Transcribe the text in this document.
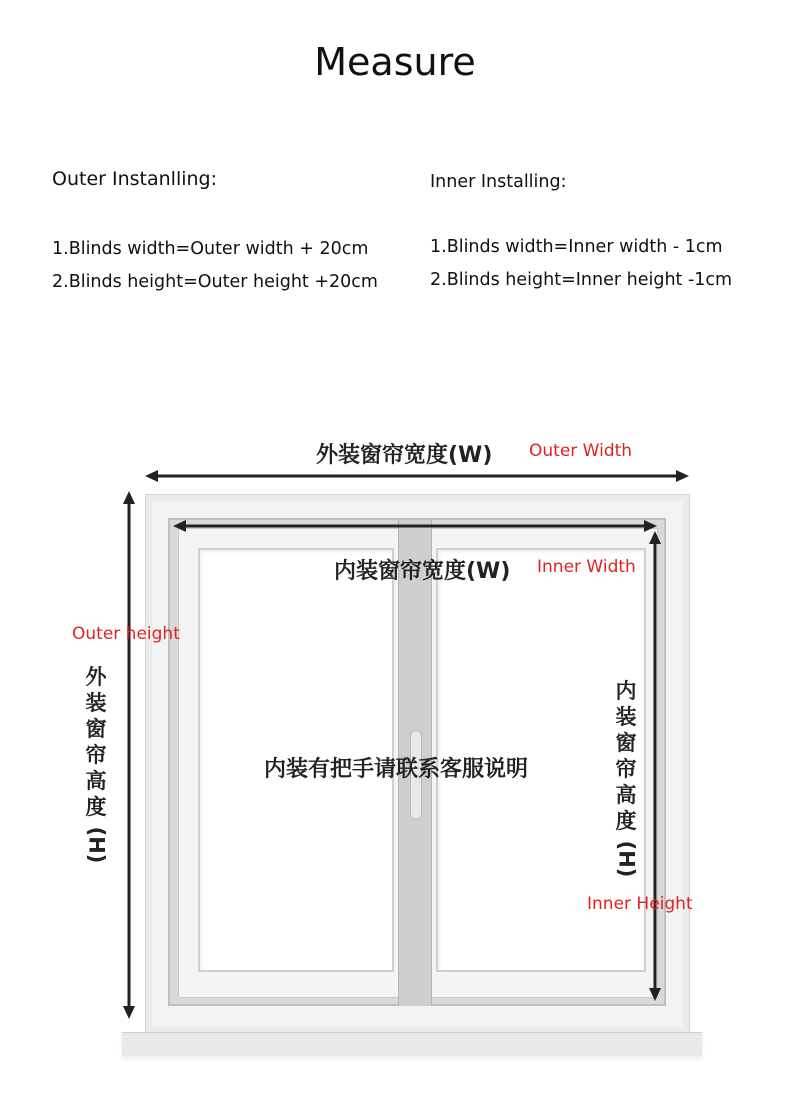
Measure
Outer Instanlling:
1.Blinds width=Outer width + 20cm
2.Blinds height=Outer height +20cm
Inner Installing:
1.Blinds width=Inner width - 1cm
2.Blinds height=Inner height -1cm
外装窗帘宽度(W) Outer Width
内装窗帘宽度(W) Inner Width
Outer height
外
装
窗
帘
高
度
(H)
内
装
窗
帘
高
度
(H)
内装有把手请联系客服说明
Inner Height
